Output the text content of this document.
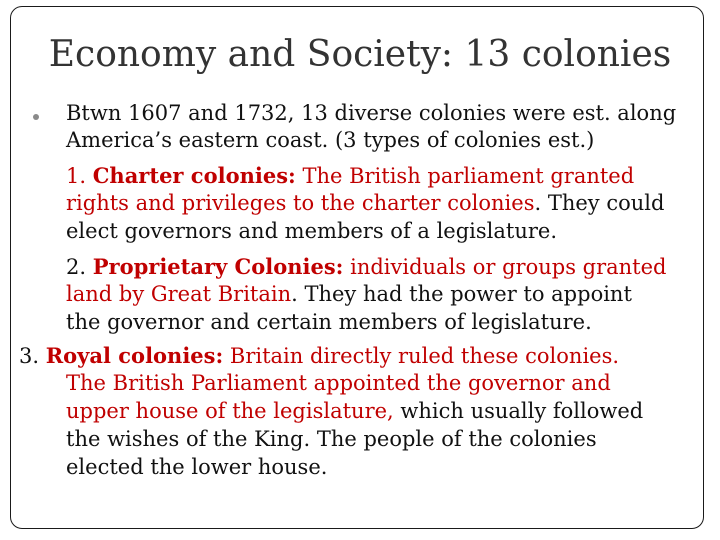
Economy and Society: 13 colonies
Btwn 1607 and 1732, 13 diverse colonies were est. along
America’s eastern coast. (3 types of colonies est.)
1. Charter colonies: The British parliament granted
rights and privileges to the charter colonies. They could
elect governors and members of a legislature.
2. Proprietary Colonies: individuals or groups granted
land by Great Britain. They had the power to appoint
the governor and certain members of legislature.
3. Royal colonies: Britain directly ruled these colonies.
The British Parliament appointed the governor and
upper house of the legislature, which usually followed
the wishes of the King. The people of the colonies
elected the lower house.
